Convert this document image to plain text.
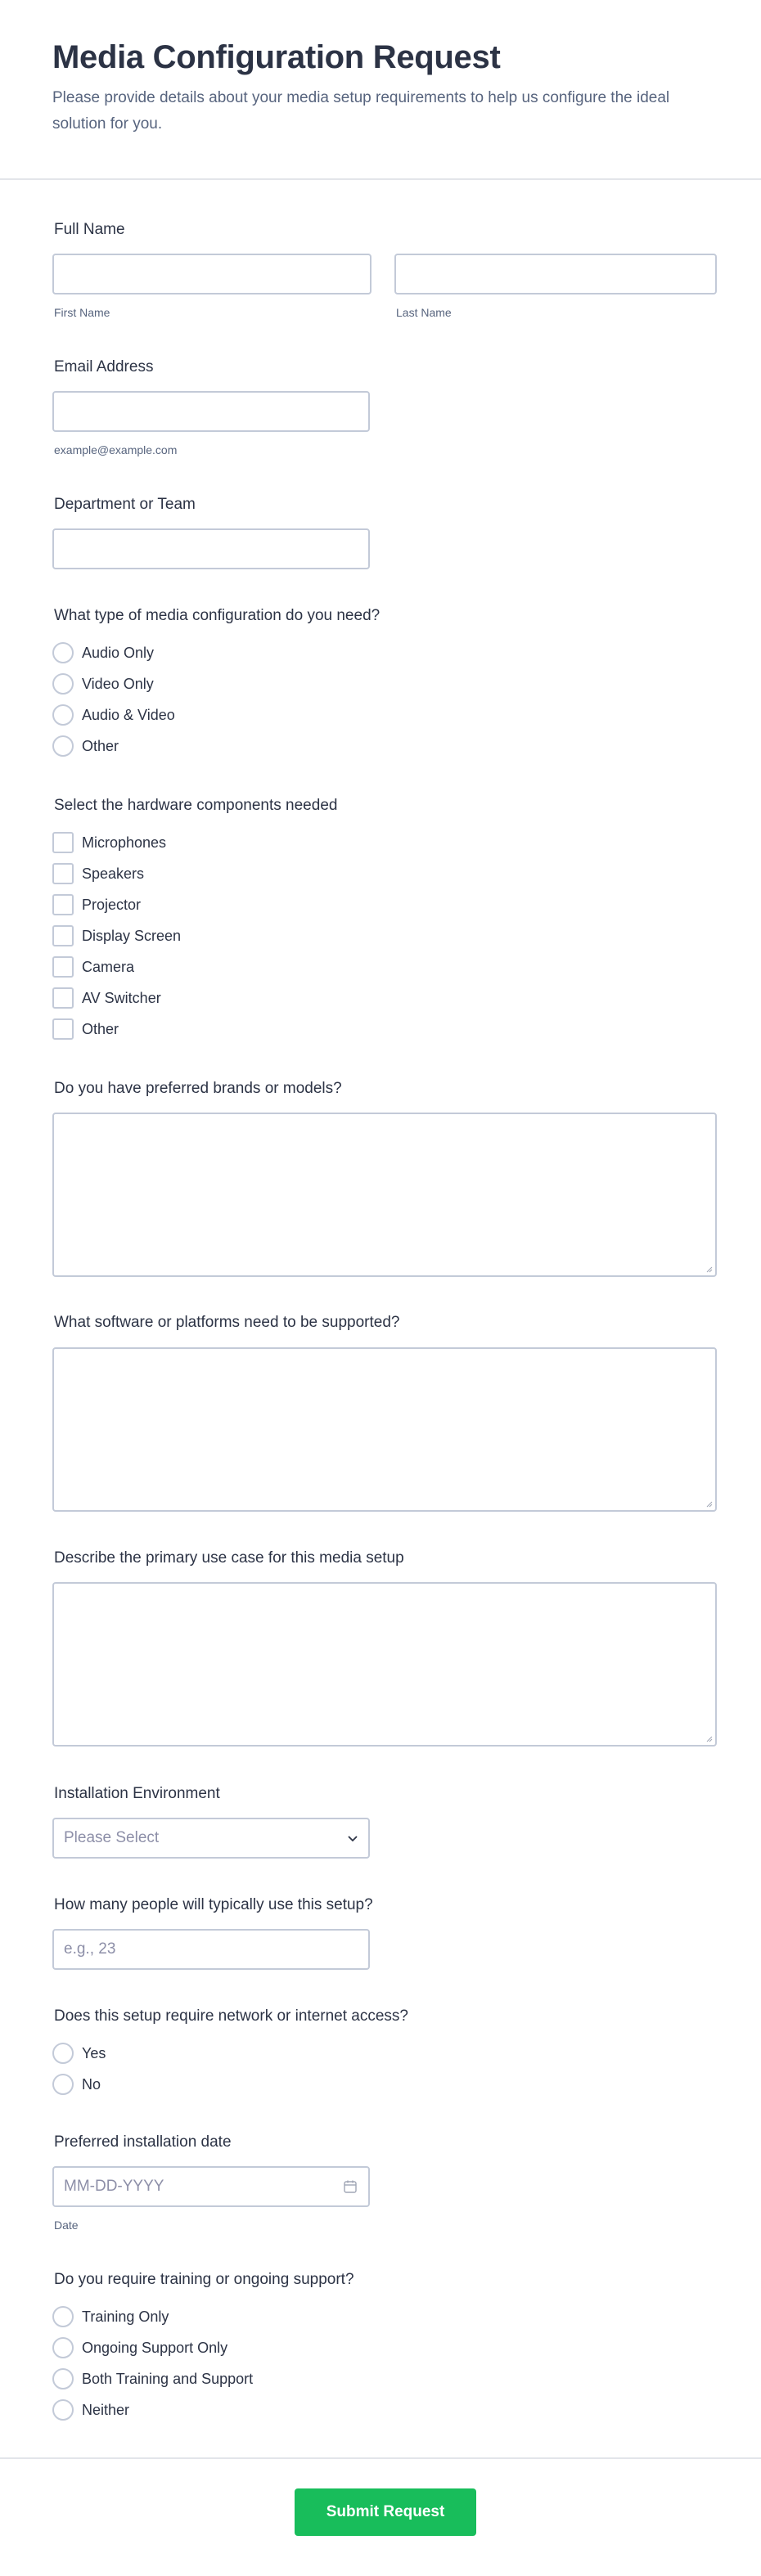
Media Configuration Request
Please provide details about your media setup requirements to help us configure the ideal solution for you.
Full Name
First Name	Last Name
Email Address
example@example.com
Department or Team
What type of media configuration do you need?
Audio Only
Video Only
Audio & Video
Other
Select the hardware components needed
Microphones
Speakers
Projector
Display Screen
Camera
AV Switcher
Other
Do you have preferred brands or models?
What software or platforms need to be supported?
Describe the primary use case for this media setup
Installation Environment
Please Select
How many people will typically use this setup?
e.g., 23
Does this setup require network or internet access?
Yes
No
Preferred installation date
MM-DD-YYYY
Date
Do you require training or ongoing support?
Training Only
Ongoing Support Only
Both Training and Support
Neither
Submit Request
